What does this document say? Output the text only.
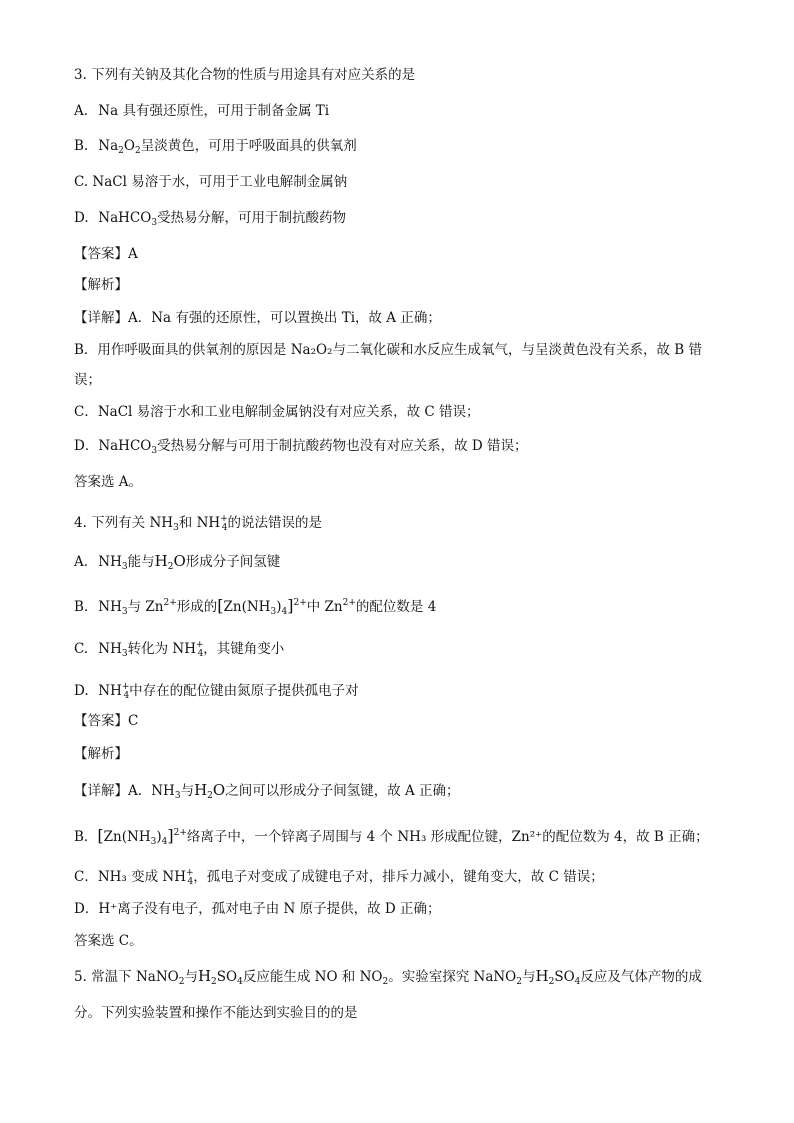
3. 下列有关钠及其化合物的性质与用途具有对应关系的是
A. Na 具有强还原性，可用于制备金属 Ti
B. $Na_2O_2$呈淡黄色，可用于呼吸面具的供氧剂
C. NaCl 易溶于水，可用于工业电解制金属钠
D. NaHCO$_3$受热易分解，可用于制抗酸药物
【答案】A
【解析】
【详解】A．Na 有强的还原性，可以置换出 Ti，故 A 正确；
B．用作呼吸面具的供氧剂的原因是 Na₂O₂与二氧化碳和水反应生成氧气，与呈淡黄色没有关系，故 B 错
误；
C．NaCl 易溶于水和工业电解制金属钠没有对应关系，故 C 错误；
D．NaHCO$_3$受热易分解与可用于制抗酸药物也没有对应关系，故 D 错误；
答案选 A。
4. 下列有关 $NH_3$和 $NH^+_4$的说法错误的是
A. $NH_3$能与$H_2O$形成分子间氢键
B. $NH_3$与 $Zn^{2+}$形成的$[Zn(NH_3)_4]^{2+}$中 $Zn^{2+}$的配位数是 4
C. $NH_3$转化为 $NH^+_4$，其键角变小
D. $NH^+_4$中存在的配位键由氮原子提供孤电子对
【答案】C
【解析】
【详解】A．$NH_3$与$H_2O$之间可以形成分子间氢键，故 A 正确；
B．$[Zn(NH_3)_4]^{2+}$络离子中，一个锌离子周围与 4 个 NH₃ 形成配位键，Zn²⁺的配位数为 4，故 B 正确；
C．NH₃ 变成 $NH^+_4$，孤电子对变成了成键电子对，排斥力减小，键角变大，故 C 错误；
D．H⁺离子没有电子，孤对电子由 N 原子提供，故 D 正确；
答案选 C。
5. 常温下 NaNO$_2$与$H_2SO_4$反应能生成 NO 和 $NO_2$。实验室探究 NaNO$_2$与$H_2SO_4$反应及气体产物的成
分。下列实验装置和操作不能达到实验目的的是
